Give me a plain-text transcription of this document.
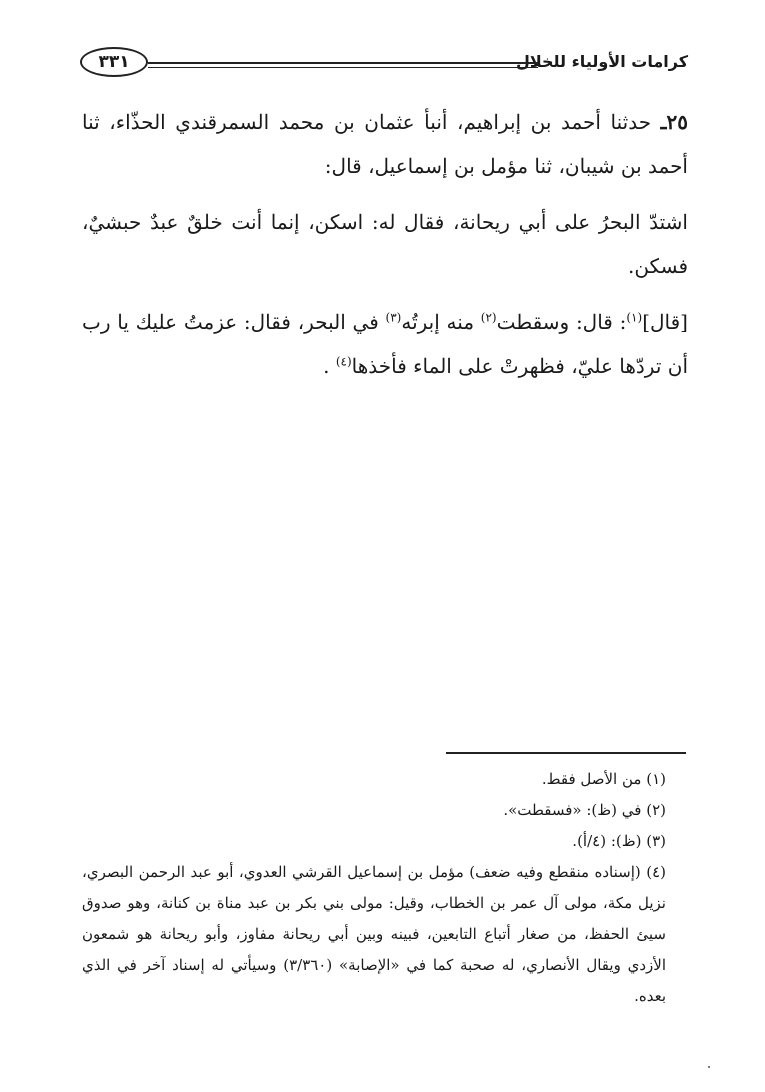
كرامات الأولياء للخلال
٣٣١

٢٥ـ حدثنا أحمد بن إبراهيم، أنبأ عثمان بن محمد السمرقندي الحذّاء، ثنا أحمد بن شيبان، ثنا مؤمل بن إسماعيل، قال:

اشتدّ البحرُ على أبي ريحانة، فقال له: اسكن، إنما أنت خلقٌ عبدٌ حبشيٌ، فسكن.

[قال]$^{(١)}$: قال: وسقطت$^{(٢)}$ منه إبرتُه$^{(٣)}$ في البحر، فقال: عزمتُ عليك يا رب أن تردّها عليّ، فظهرتْ على الماء فأخذها$^{(٤)}$ .

(١) من الأصل فقط.

(٢) في (ظ): «فسقطت».

(٣) (ظ): (٤/أ).

(٤) (إسناده منقطع وفيه ضعف) مؤمل بن إسماعيل القرشي العدوي، أبو عبد الرحمن البصري، نزيل مكة، مولى آل عمر بن الخطاب، وقيل: مولى بني بكر بن عبد مناة بن كنانة، وهو صدوق سيئ الحفظ، من صغار أتباع التابعين، فبينه وبين أبي ريحانة مفاوز، وأبو ريحانة هو شمعون الأزدي ويقال الأنصاري، له صحبة كما في «الإصابة» (٣/٣٦٠) وسيأتي له إسناد آخر في الذي بعده.
